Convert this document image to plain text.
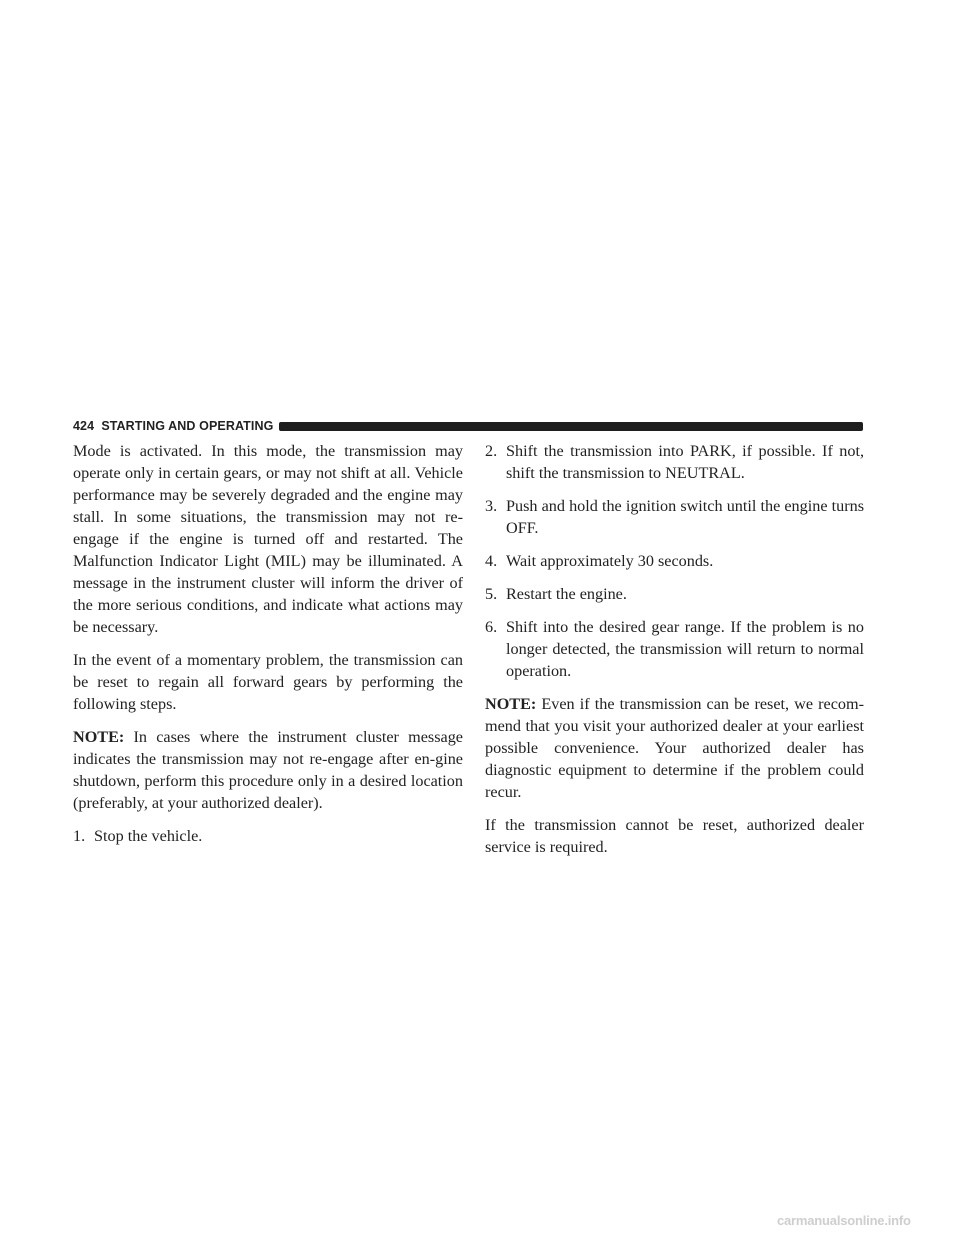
424 STARTING AND OPERATING

Mode is activated. In this mode, the transmission may operate only in certain gears, or may not shift at all. Vehicle performance may be severely degraded and the engine may stall. In some situations, the transmission may not re-engage if the engine is turned off and restarted. The Malfunction Indicator Light (MIL) may be illuminated. A message in the instrument cluster will inform the driver of the more serious conditions, and indicate what actions may be necessary.

In the event of a momentary problem, the transmission can be reset to regain all forward gears by performing the following steps.

NOTE: In cases where the instrument cluster message indicates the transmission may not re-engage after en-gine shutdown, perform this procedure only in a desired location (preferably, at your authorized dealer).

1. Stop the vehicle.
2. Shift the transmission into PARK, if possible. If not, shift the transmission to NEUTRAL.
3. Push and hold the ignition switch until the engine turns OFF.
4. Wait approximately 30 seconds.
5. Restart the engine.
6. Shift into the desired gear range. If the problem is no longer detected, the transmission will return to normal operation.

NOTE: Even if the transmission can be reset, we recom-mend that you visit your authorized dealer at your earliest possible convenience. Your authorized dealer has diagnostic equipment to determine if the problem could recur.

If the transmission cannot be reset, authorized dealer service is required.

carmanualsonline.info
